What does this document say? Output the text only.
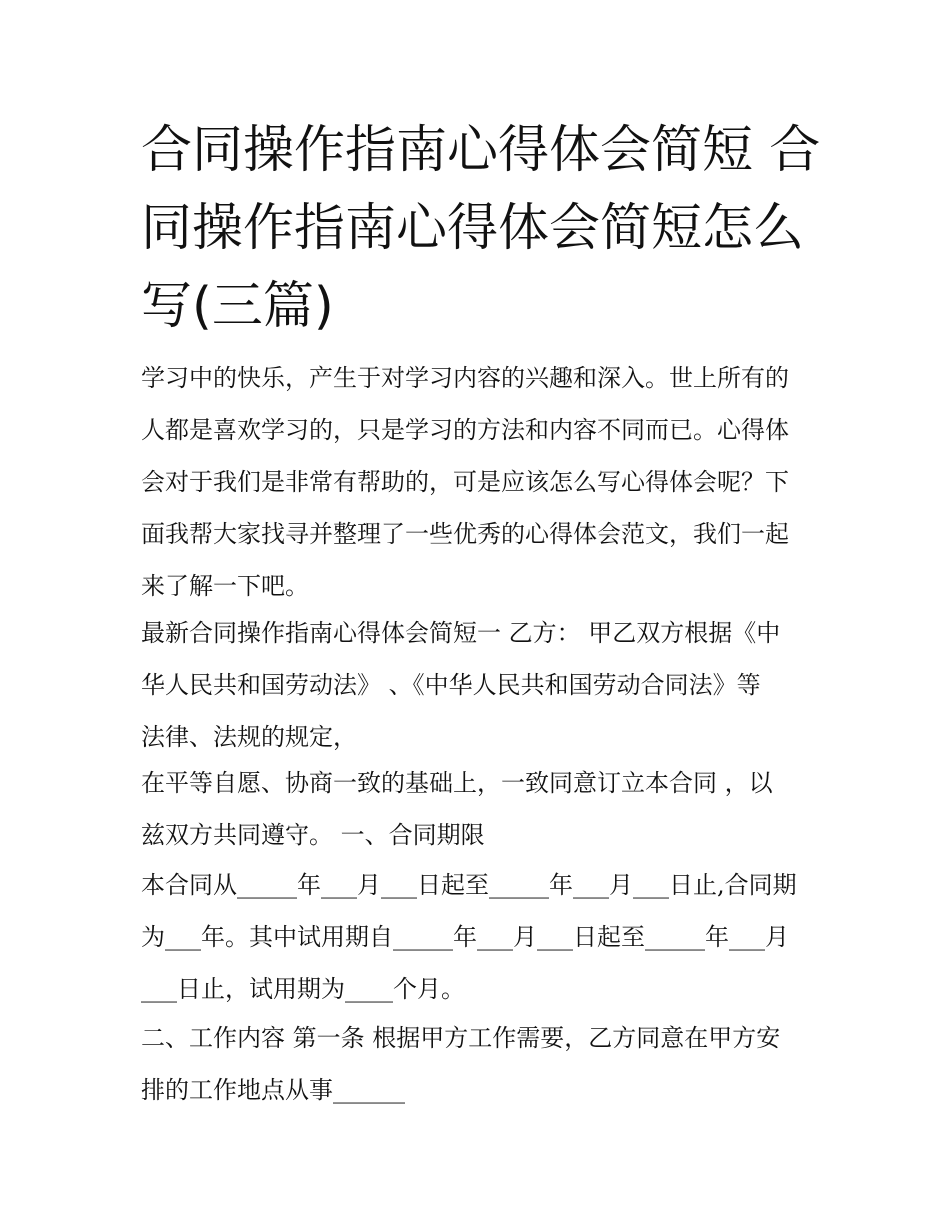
合同操作指南心得体会简短 合
同操作指南心得体会简短怎么
写(三篇)
学习中的快乐，产生于对学习内容的兴趣和深入。世上所有的
人都是喜欢学习的，只是学习的方法和内容不同而已。心得体
会对于我们是非常有帮助的，可是应该怎么写心得体会呢？下
面我帮大家找寻并整理了一些优秀的心得体会范文，我们一起
来了解一下吧。
最新合同操作指南心得体会简短一 乙方： 甲乙双方根据《中
华人民共和国劳动法》 、《中华人民共和国劳动合同法》等
法律、法规的规定，
在平等自愿、协商一致的基础上，一致同意订立本合同 ，以
兹双方共同遵守。 一、合同期限
本合同从_____年___月___日起至_____年___月___日止,合同期
为___年。其中试用期自_____年___月___日起至_____年___月
___日止，试用期为____个月。
二、工作内容 第一条 根据甲方工作需要，乙方同意在甲方安
排的工作地点从事______
